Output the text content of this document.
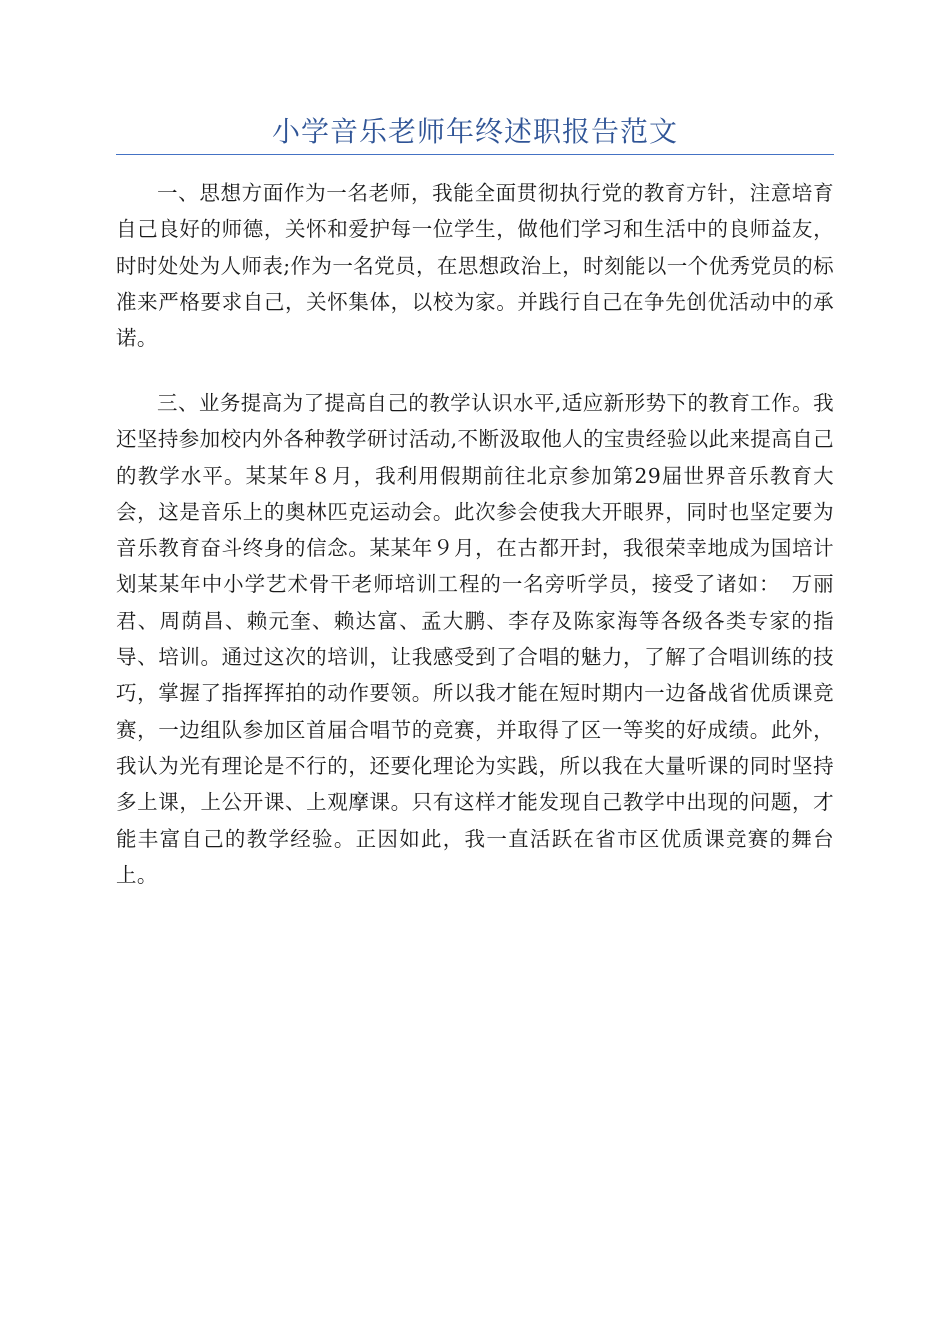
小学音乐老师年终述职报告范文

一、思想方面作为一名老师，我能全面贯彻执行党的教育方针，注意培育自己良好的师德，关怀和爱护每一位学生，做他们学习和生活中的良师益友，时时处处为人师表;作为一名党员，在思想政治上，时刻能以一个优秀党员的标准来严格要求自己，关怀集体，以校为家。并践行自己在争先创优活动中的承诺。

三、业务提高为了提高自己的教学认识水平,适应新形势下的教育工作。我还坚持参加校内外各种教学研讨活动,不断汲取他人的宝贵经验以此来提高自己的教学水平。某某年８月，我利用假期前往北京参加第29届世界音乐教育大会，这是音乐上的奥林匹克运动会。此次参会使我大开眼界，同时也坚定要为音乐教育奋斗终身的信念。某某年９月，在古都开封，我很荣幸地成为国培计划某某年中小学艺术骨干老师培训工程的一名旁听学员，接受了诸如：　万丽君、周荫昌、赖元奎、赖达富、孟大鹏、李存及陈家海等各级各类专家的指导、培训。通过这次的培训，让我感受到了合唱的魅力，了解了合唱训练的技巧，掌握了指挥挥拍的动作要领。所以我才能在短时期内一边备战省优质课竞赛，一边组队参加区首届合唱节的竞赛，并取得了区一等奖的好成绩。此外，我认为光有理论是不行的，还要化理论为实践，所以我在大量听课的同时坚持多上课，上公开课、上观摩课。只有这样才能发现自己教学中出现的问题，才能丰富自己的教学经验。正因如此，我一直活跃在省市区优质课竞赛的舞台上。
